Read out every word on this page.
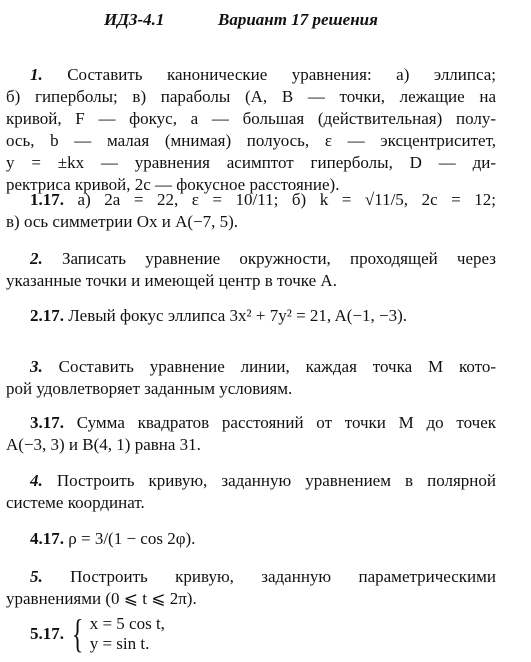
ИДЗ-4.1	Вариант 17 решения
1. Составить канонические уравнения: а) эллипса;
б) гиперболы; в) параболы (A, B — точки, лежащие на
кривой, F — фокус, a — большая (действительная) полу-
ось, b — малая (мнимая) полуось, ε — эксцентриситет,
y = ±kx — уравнения асимптот гиперболы, D — ди-
ректриса кривой, 2c — фокусное расстояние).
1.17. а) 2a = 22, ε = 10/11; б) k = √11/5, 2c = 12;
в) ось симметрии Ox и A(−7, 5).
2. Записать уравнение окружности, проходящей через
указанные точки и имеющей центр в точке A.
2.17. Левый фокус эллипса 3x² + 7y² = 21, A(−1, −3).
3. Составить уравнение линии, каждая точка M кото-
рой удовлетворяет заданным условиям.
3.17. Сумма квадратов расстояний от точки M до точек
A(−3, 3) и B(4, 1) равна 31.
4. Построить кривую, заданную уравнением в полярной
системе координат.
4.17. ρ = 3/(1 − cos 2φ).
5. Построить кривую, заданную параметрическими
уравнениями (0 ⩽ t ⩽ 2π).
5.17. { x = 5 cos t,
y = sin t.
